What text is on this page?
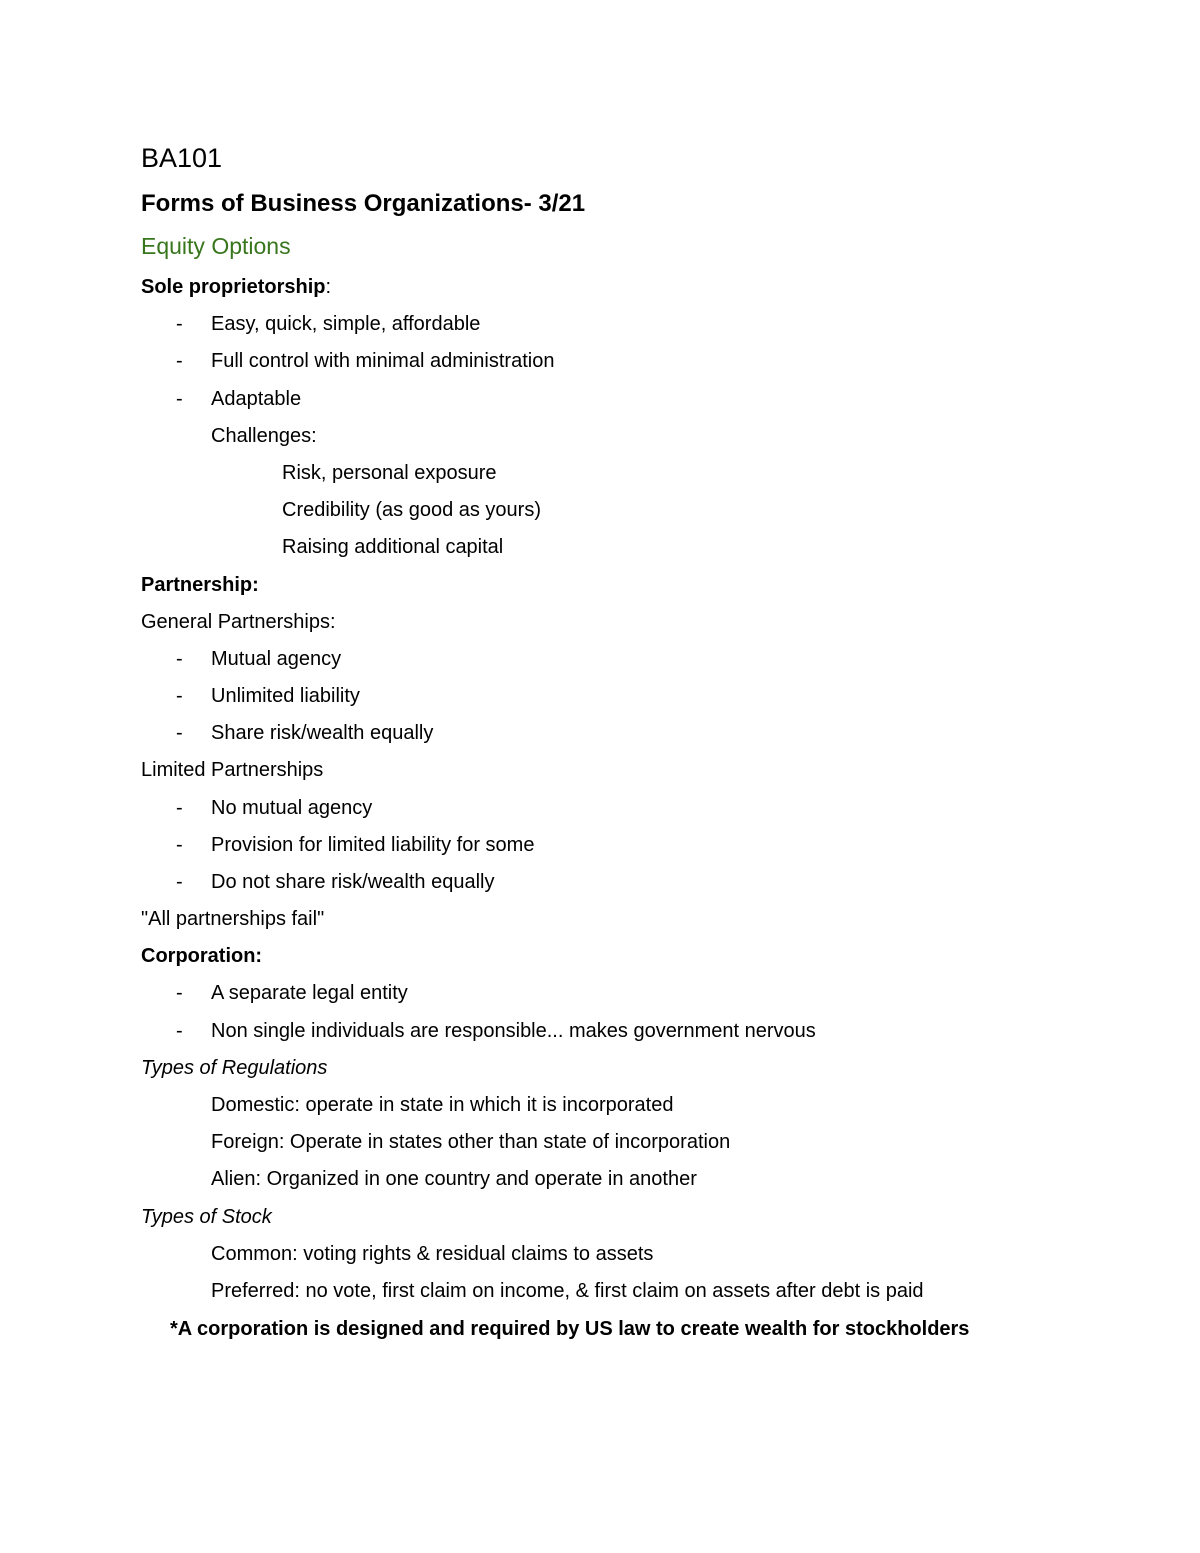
BA101
Forms of Business Organizations- 3/21
Equity Options
Sole proprietorship:
- Easy, quick, simple, affordable
- Full control with minimal administration
- Adaptable
Challenges:
Risk, personal exposure
Credibility (as good as yours)
Raising additional capital
Partnership:
General Partnerships:
- Mutual agency
- Unlimited liability
- Share risk/wealth equally
Limited Partnerships
- No mutual agency
- Provision for limited liability for some
- Do not share risk/wealth equally
"All partnerships fail"
Corporation:
- A separate legal entity
- Non single individuals are responsible... makes government nervous
Types of Regulations
Domestic: operate in state in which it is incorporated
Foreign: Operate in states other than state of incorporation
Alien: Organized in one country and operate in another
Types of Stock
Common: voting rights & residual claims to assets
Preferred: no vote, first claim on income, & first claim on assets after debt is paid
*A corporation is designed and required by US law to create wealth for stockholders
